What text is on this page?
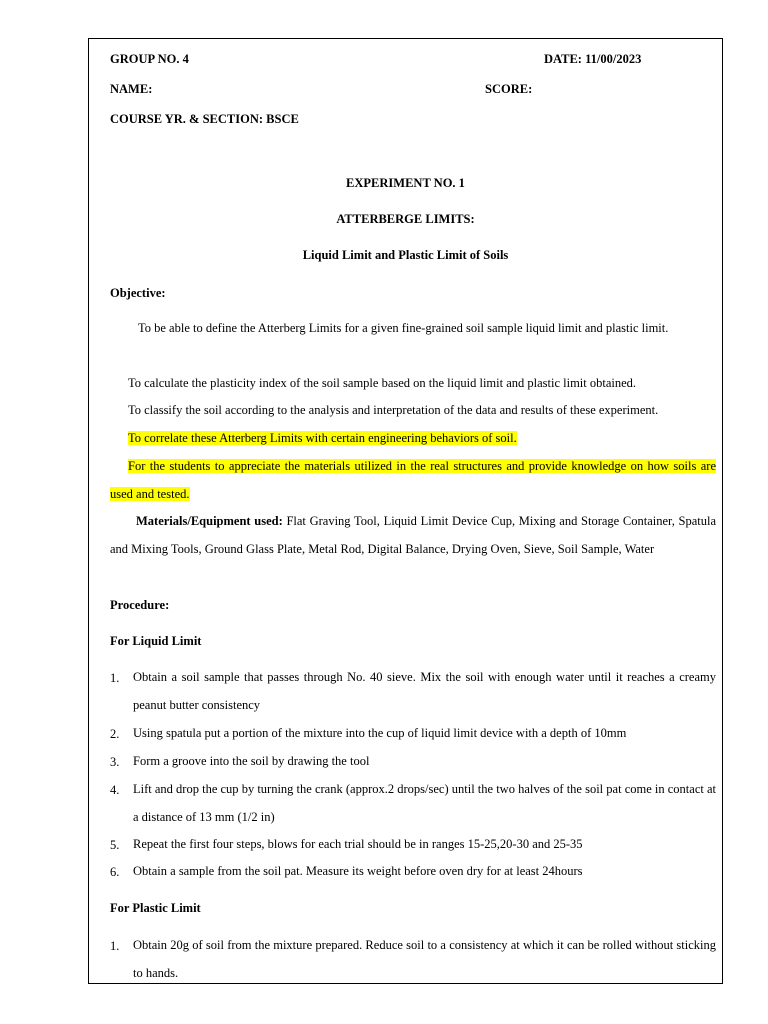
GROUP NO. 4	DATE: 11/00/2023
NAME:	SCORE:
COURSE YR. & SECTION: BSCE
EXPERIMENT NO. 1
ATTERBERGE LIMITS:
Liquid Limit and Plastic Limit of Soils
Objective:
To be able to define the Atterberg Limits for a given fine-grained soil sample liquid limit and plastic limit.
To calculate the plasticity index of the soil sample based on the liquid limit and plastic limit obtained.
To classify the soil according to the analysis and interpretation of the data and results of these experiment.
To correlate these Atterberg Limits with certain engineering behaviors of soil.
For the students to appreciate the materials utilized in the real structures and provide knowledge on how soils are used and tested.
Materials/Equipment used: Flat Graving Tool, Liquid Limit Device Cup, Mixing and Storage Container, Spatula and Mixing Tools, Ground Glass Plate, Metal Rod, Digital Balance, Drying Oven, Sieve, Soil Sample, Water
Procedure:
For Liquid Limit
1.	Obtain a soil sample that passes through No. 40 sieve. Mix the soil with enough water until it reaches a creamy peanut butter consistency
2.	Using spatula put a portion of the mixture into the cup of liquid limit device with a depth of 10mm
3.	Form a groove into the soil by drawing the tool
4.	Lift and drop the cup by turning the crank (approx.2 drops/sec) until the two halves of the soil pat come in contact at a distance of 13 mm (1/2 in)
5.	Repeat the first four steps, blows for each trial should be in ranges 15-25,20-30 and 25-35
6.	Obtain a sample from the soil pat. Measure its weight before oven dry for at least 24hours
For Plastic Limit
1.	Obtain 20g of soil from the mixture prepared. Reduce soil to a consistency at which it can be rolled without sticking to hands.
